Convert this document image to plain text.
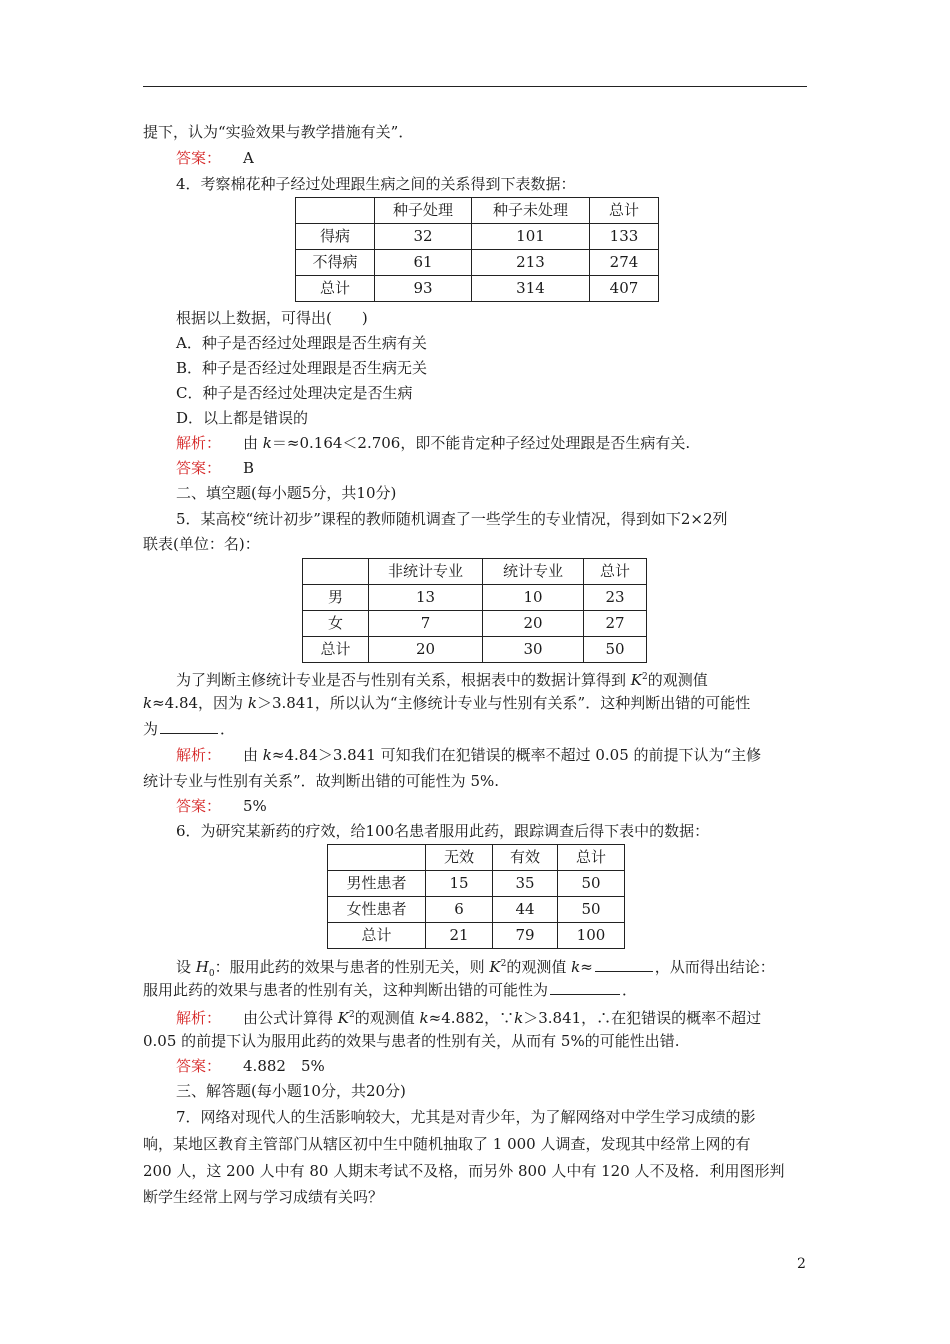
提下，认为“实验效果与教学措施有关”．
答案： A
4．考察棉花种子经过处理跟生病之间的关系得到下表数据：
	种子处理	种子未处理	总计
得病	32	101	133
不得病	61	213	274
总计	93	314	407
根据以上数据，可得出(　　)
A．种子是否经过处理跟是否生病有关
B．种子是否经过处理跟是否生病无关
C．种子是否经过处理决定是否生病
D．以上都是错误的
解析： 由 k＝≈0.164＜2.706，即不能肯定种子经过处理跟是否生病有关.
答案： B
二、填空题(每小题5分，共10分)
5．某高校“统计初步”课程的教师随机调查了一些学生的专业情况，得到如下2×2列
联表(单位：名)：
	非统计专业	统计专业	总计
男	13	10	23
女	7	20	27
总计	20	30	50
为了判断主修统计专业是否与性别有关系，根据表中的数据计算得到 $K^2$的观测值
k≈4.84，因为 k＞3.841，所以认为“主修统计专业与性别有关系”．这种判断出错的可能性
为	．
解析： 由 k≈4.84＞3.841 可知我们在犯错误的概率不超过 0.05 的前提下认为“主修
统计专业与性别有关系”．故判断出错的可能性为 5%.
答案： 5%
6．为研究某新药的疗效，给100名患者服用此药，跟踪调查后得下表中的数据：
	无效	有效	总计
男性患者	15	35	50
女性患者	6	44	50
总计	21	79	100
设 $H_0$：服用此药的效果与患者的性别无关，则 $K^2$的观测值 k≈	，从而得出结论：
服用此药的效果与患者的性别有关，这种判断出错的可能性为	．
解析： 由公式计算得 $K^2$的观测值 k≈4.882，∵k＞3.841，∴在犯错误的概率不超过
0.05 的前提下认为服用此药的效果与患者的性别有关，从而有 5%的可能性出错.
答案： 4.882　5%
三、解答题(每小题10分，共20分)
7．网络对现代人的生活影响较大，尤其是对青少年，为了解网络对中学生学习成绩的影
响，某地区教育主管部门从辖区初中生中随机抽取了 1 000 人调查，发现其中经常上网的有
200 人，这 200 人中有 80 人期末考试不及格，而另外 800 人中有 120 人不及格．利用图形判
断学生经常上网与学习成绩有关吗？
2
